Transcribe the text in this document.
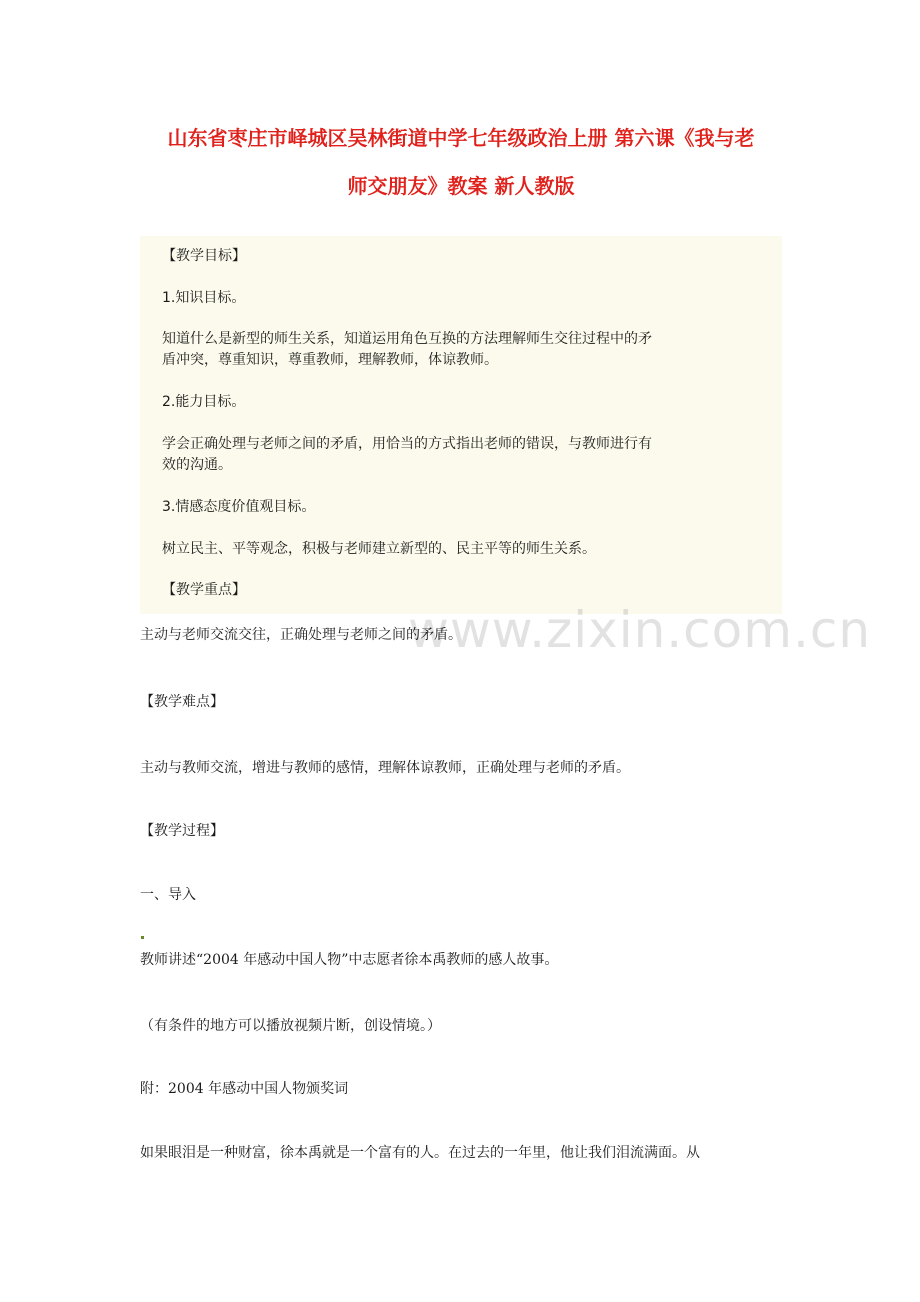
山东省枣庄市峄城区吴林街道中学七年级政治上册 第六课《我与老
师交朋友》教案 新人教版

【教学目标】

1.知识目标。

知道什么是新型的师生关系，知道运用角色互换的方法理解师生交往过程中的矛

盾冲突，尊重知识，尊重教师，理解教师，体谅教师。

2.能力目标。

学会正确处理与老师之间的矛盾，用恰当的方式指出老师的错误，与教师进行有

效的沟通。

3.情感态度价值观目标。

树立民主、平等观念，积极与老师建立新型的、民主平等的师生关系。

【教学重点】

www.zixin.com.cn

主动与老师交流交往，正确处理与老师之间的矛盾。

【教学难点】

主动与教师交流，增进与教师的感情，理解体谅教师，正确处理与老师的矛盾。

【教学过程】

一、导入

教师讲述“2004 年感动中国人物”中志愿者徐本禹教师的感人故事。

（有条件的地方可以播放视频片断，创设情境。）

附：2004 年感动中国人物颁奖词

如果眼泪是一种财富，徐本禹就是一个富有的人。在过去的一年里，他让我们泪流满面。从
